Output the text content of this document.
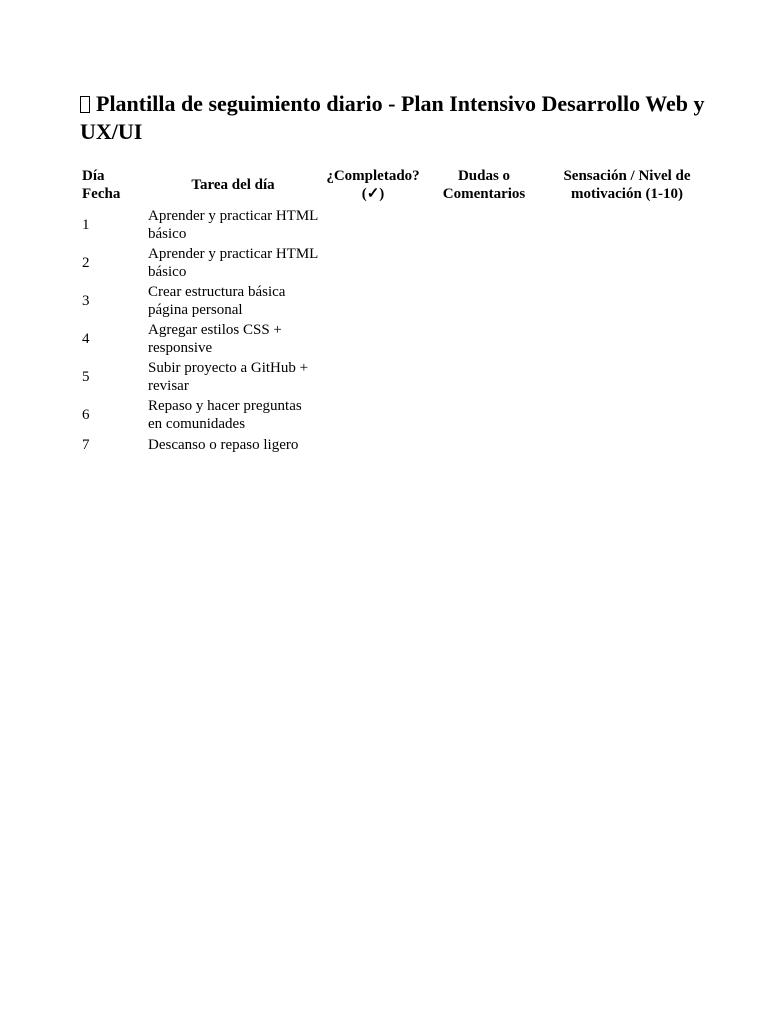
Plantilla de seguimiento diario - Plan Intensivo Desarrollo Web y UX/UI
Día Fecha	Tarea del día	¿Completado? (✓)	Dudas o Comentarios	Sensación / Nivel de motivación (1-10)
1	Aprender y practicar HTML básico			
2	Aprender y practicar HTML básico			
3	Crear estructura básica página personal			
4	Agregar estilos CSS + responsive			
5	Subir proyecto a GitHub + revisar			
6	Repaso y hacer preguntas en comunidades			
7	Descanso o repaso ligero			
